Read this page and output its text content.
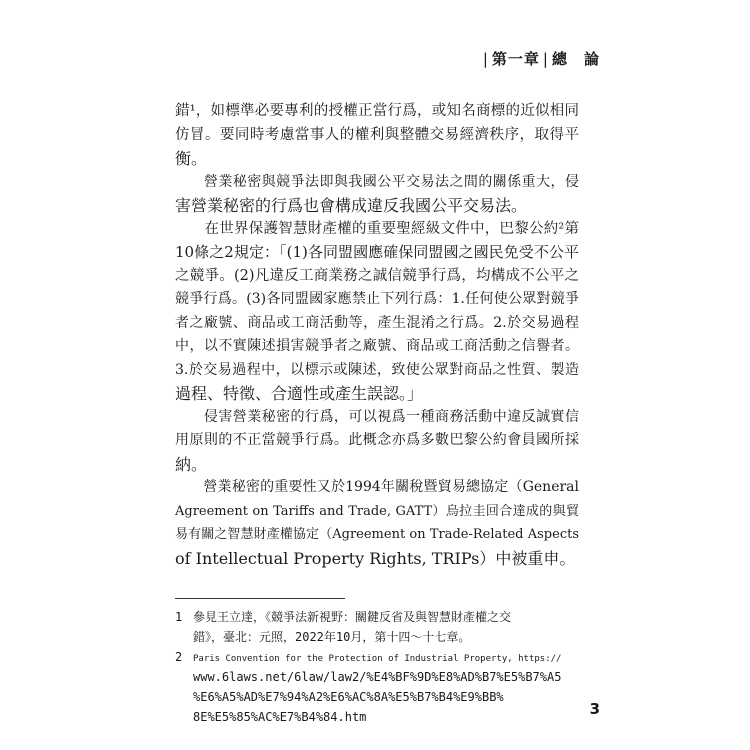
| 第一章 | 總　論
錯¹，如標準必要專利的授權正當行爲，或知名商標的近似相同
仿冒。要同時考慮當事人的權利與整體交易經濟秩序，取得平
衡。
　　營業秘密與競爭法即與我國公平交易法之間的關係重大，侵
害營業秘密的行爲也會構成違反我國公平交易法。
　　在世界保護智慧財產權的重要聖經級文件中，巴黎公約²第
10條之2規定：「(1)各同盟國應確保同盟國之國民免受不公平
之競爭。(2)凡違反工商業務之誠信競爭行爲，均構成不公平之
競爭行爲。(3)各同盟國家應禁止下列行爲：1.任何使公眾對競爭
者之廠號、商品或工商活動等，產生混淆之行爲。2.於交易過程
中，以不實陳述損害競爭者之廠號、商品或工商活動之信譽者。
3.於交易過程中，以標示或陳述，致使公眾對商品之性質、製造
過程、特徵、合適性或產生誤認。」
　　侵害營業秘密的行爲，可以視爲一種商務活動中違反誠實信
用原則的不正當競爭行爲。此概念亦爲多數巴黎公約會員國所採
納。
　　營業秘密的重要性又於1994年關稅暨貿易總協定（General
Agreement on Tariffs and Trade, GATT）烏拉圭回合達成的與貿
易有關之智慧財產權協定（Agreement on Trade-Related Aspects
of Intellectual Property Rights, TRIPs）中被重申。
1 參見王立達，《競爭法新視野：關鍵反省及與智慧財產權之交
錯》，臺北：元照，2022年10月，第十四～十七章。
2 Paris Convention for the Protection of Industrial Property, https://
www.6laws.net/6law/law2/%E4%BF%9D%E8%AD%B7%E5%B7%A5
%E6%A5%AD%E7%94%A2%E6%AC%8A%E5%B7%B4%E9%BB%
8E%E5%85%AC%E7%B4%84.htm	3
